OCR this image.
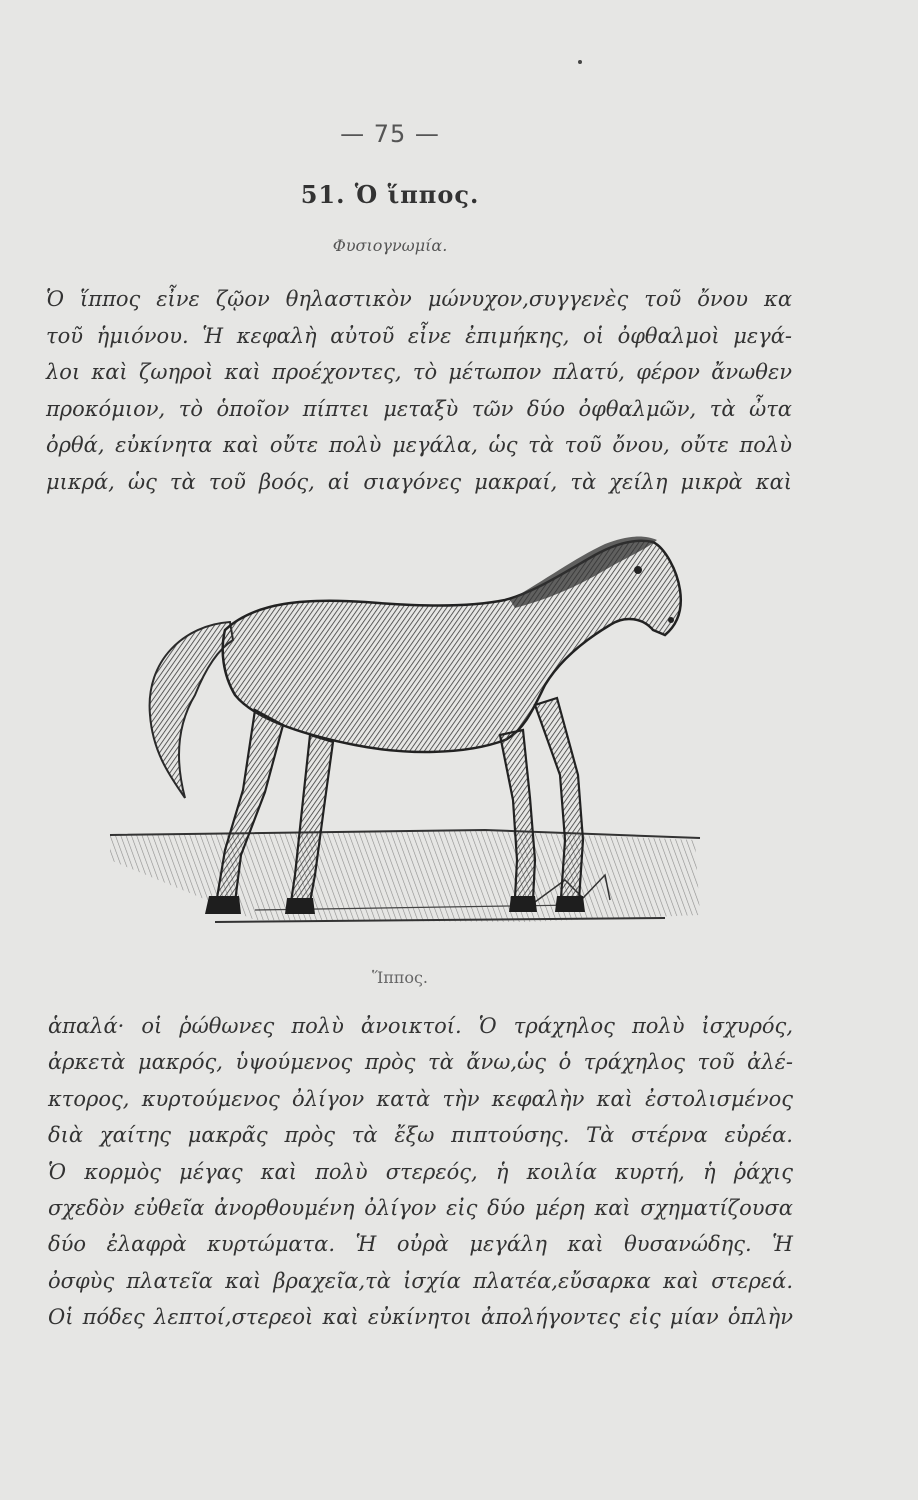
— 75 —
51. Ὁ ἵππος.
Φυσιογνωμία.
Ὁ ἵππος εἶνε ζῷον θηλαστικὸν μώνυχον,συγγενὲς τοῦ ὄνου κα
τοῦ ἡμιόνου. Ἡ κεφαλὴ αὐτοῦ εἶνε ἐπιμήκης, οἱ ὀφθαλμοὶ μεγά-
λοι καὶ ζωηροὶ καὶ προέχοντες, τὸ μέτωπον πλατύ, φέρον ἄνωθεν
προκόμιον, τὸ ὁποῖον πίπτει μεταξὺ τῶν δύο ὀφθαλμῶν, τὰ ὦτα
ὀρθά, εὐκίνητα καὶ οὔτε πολὺ μεγάλα, ὡς τὰ τοῦ ὄνου, οὔτε πολὺ
μικρά, ὡς τὰ τοῦ βοός, αἱ σιαγόνες μακραί, τὰ χείλη μικρὰ καὶ
Ἵππος.
ἁπαλά· οἱ ῥώθωνες πολὺ ἀνοικτοί. Ὁ τράχηλος πολὺ ἰσχυρός,
ἀρκετὰ μακρός, ὑψούμενος πρὸς τὰ ἄνω,ὡς ὁ τράχηλος τοῦ ἀλέ-
κτορος, κυρτούμενος ὀλίγον κατὰ τὴν κεφαλὴν καὶ ἐστολισμένος
διὰ χαίτης μακρᾶς πρὸς τὰ ἔξω πιπτούσης. Τὰ στέρνα εὐρέα.
Ὁ κορμὸς μέγας καὶ πολὺ στερεός, ἡ κοιλία κυρτή, ἡ ῥάχις
σχεδὸν εὐθεῖα ἀνορθουμένη ὀλίγον εἰς δύο μέρη καὶ σχηματίζουσα
δύο ἐλαφρὰ κυρτώματα. Ἡ οὐρὰ μεγάλη καὶ θυσανώδης. Ἡ
ὀσφὺς πλατεῖα καὶ βραχεῖα,τὰ ἰσχία πλατέα,εὔσαρκα καὶ στερεά.
Οἱ πόδες λεπτοί,στερεοὶ καὶ εὐκίνητοι ἀπολήγοντες εἰς μίαν ὁπλὴν
